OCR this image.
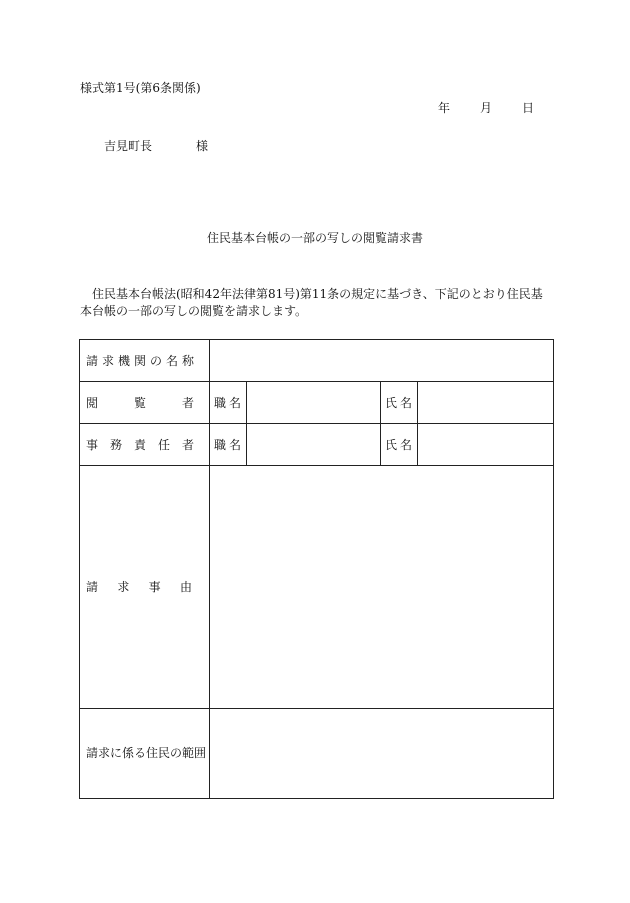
様式第1号(第6条関係)
年 月 日
吉見町長	様
住民基本台帳の一部の写しの閲覧請求書
住民基本台帳法(昭和42年法律第81号)第11条の規定に基づき、下記のとおり住民基本台帳の一部の写しの閲覧を請求します。
請求機関の名称				

閲 覧 者	職名		氏名	

事 務 責 任 者	職名		氏名	

請 求 事 由				

請求に係る住民の範囲				
